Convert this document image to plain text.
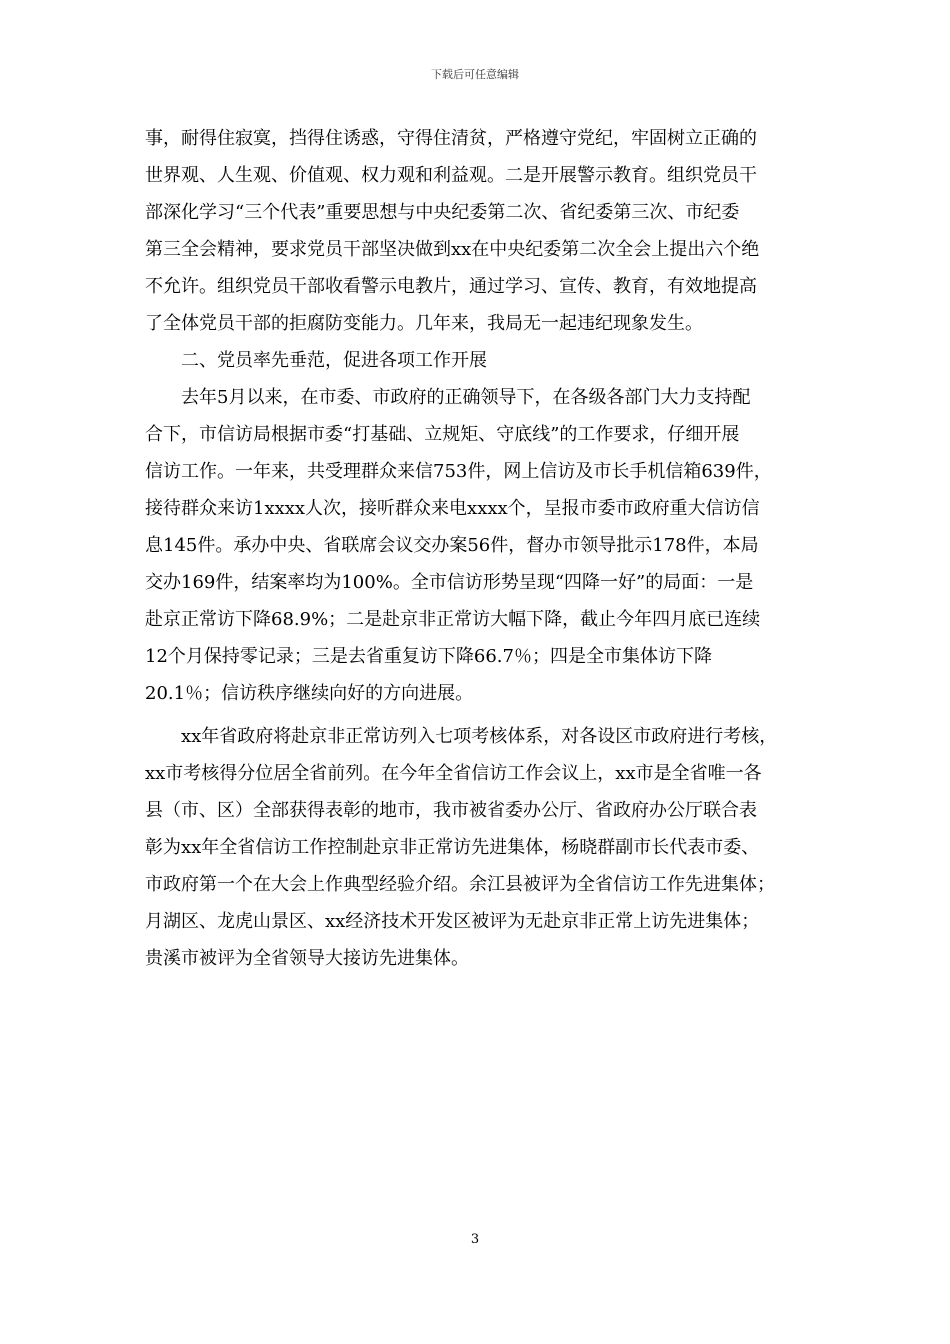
下载后可任意编辑
事，耐得住寂寞，挡得住诱惑，守得住清贫，严格遵守党纪，牢固树立正确的
世界观、人生观、价值观、权力观和利益观。二是开展警示教育。组织党员干
部深化学习“三个代表”重要思想与中央纪委第二次、省纪委第三次、市纪委
第三全会精神，要求党员干部坚决做到xx在中央纪委第二次全会上提出六个绝
不允许。组织党员干部收看警示电教片，通过学习、宣传、教育，有效地提高
了全体党员干部的拒腐防变能力。几年来，我局无一起违纪现象发生。
二、党员率先垂范，促进各项工作开展
去年5月以来，在市委、市政府的正确领导下，在各级各部门大力支持配
合下，市信访局根据市委“打基础、立规矩、守底线”的工作要求，仔细开展
信访工作。一年来，共受理群众来信753件，网上信访及市长手机信箱639件，
接待群众来访1xxxx人次，接听群众来电xxxx个，呈报市委市政府重大信访信
息145件。承办中央、省联席会议交办案56件，督办市领导批示178件，本局
交办169件，结案率均为100%。全市信访形势呈现“四降一好”的局面：一是
赴京正常访下降68.9%；二是赴京非正常访大幅下降，截止今年四月底已连续
12个月保持零记录；三是去省重复访下降66.7％；四是全市集体访下降
20.1％；信访秩序继续向好的方向进展。
xx年省政府将赴京非正常访列入七项考核体系，对各设区市政府进行考核，
xx市考核得分位居全省前列。在今年全省信访工作会议上，xx市是全省唯一各
县（市、区）全部获得表彰的地市，我市被省委办公厅、省政府办公厅联合表
彰为xx年全省信访工作控制赴京非正常访先进集体，杨晓群副市长代表市委、
市政府第一个在大会上作典型经验介绍。余江县被评为全省信访工作先进集体；
月湖区、龙虎山景区、xx经济技术开发区被评为无赴京非正常上访先进集体；
贵溪市被评为全省领导大接访先进集体。
3
